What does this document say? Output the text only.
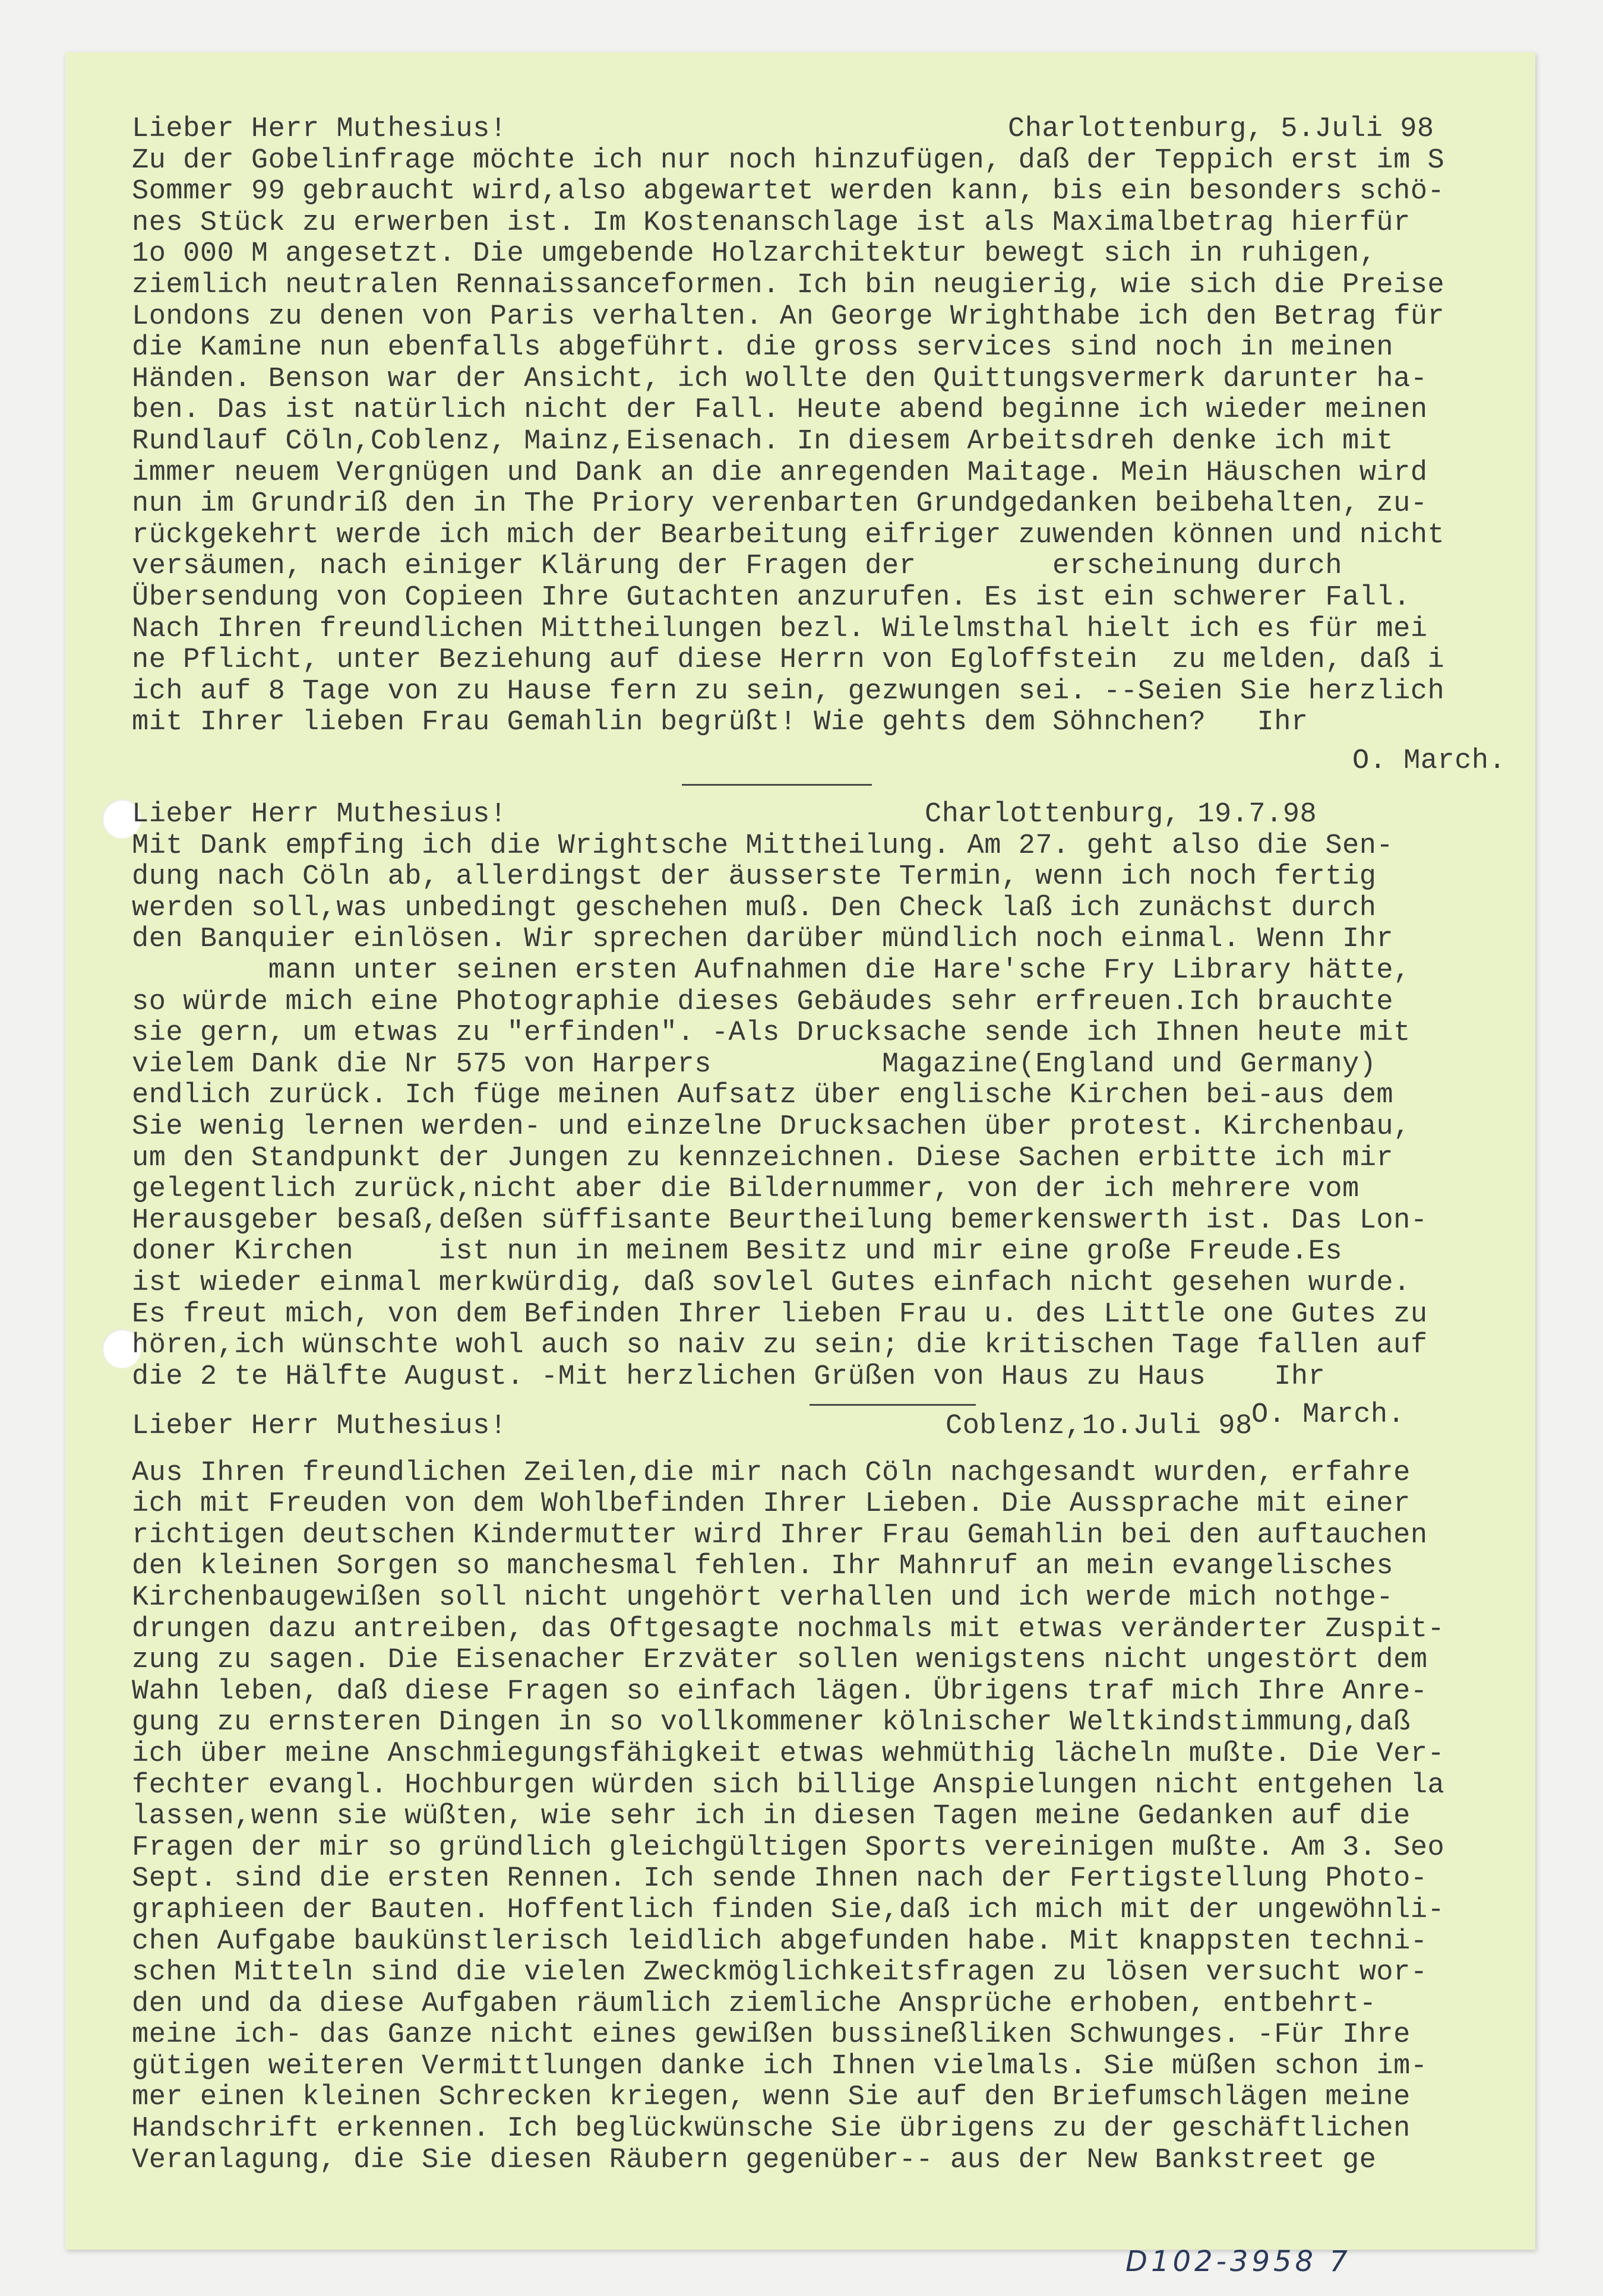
Lieber Herr Muthesius!

	Charlottenburg, 5.Juli 98

Zu der Gobelinfrage möchte ich nur noch hinzufügen, daß der Teppich erst im S
Sommer 99 gebraucht wird,also abgewartet werden kann, bis ein besonders schö-
nes Stück zu erwerben ist. Im Kostenanschlage ist als Maximalbetrag hierfür
1o 000 M angesetzt. Die umgebende Holzarchitektur bewegt sich in ruhigen,
ziemlich neutralen Rennaissanceformen. Ich bin neugierig, wie sich die Preise
Londons zu denen von Paris verhalten. An George Wrighthabe ich den Betrag für
die Kamine nun ebenfalls abgeführt. die gross services sind noch in meinen
Händen. Benson war der Ansicht, ich wollte den Quittungsvermerk darunter ha-
ben. Das ist natürlich nicht der Fall. Heute abend beginne ich wieder meinen
Rundlauf Cöln,Coblenz, Mainz,Eisenach. In diesem Arbeitsdreh denke ich mit
immer neuem Vergnügen und Dank an die anregenden Maitage. Mein Häuschen wird
nun im Grundriß den in The Priory verenbarten Grundgedanken beibehalten, zu-
rückgekehrt werde ich mich der Bearbeitung eifriger zuwenden können und nicht
versäumen, nach einiger Klärung der Fragen der        erscheinung durch
Übersendung von Copieen Ihre Gutachten anzurufen. Es ist ein schwerer Fall.
Nach Ihren freundlichen Mittheilungen bezl. Wilelmsthal hielt ich es für mei
ne Pflicht, unter Beziehung auf diese Herrn von Egloffstein  zu melden, daß i
ich auf 8 Tage von zu Hause fern zu sein, gezwungen sei. --Seien Sie herzlich
mit Ihrer lieben Frau Gemahlin begrüßt! Wie gehts dem Söhnchen?   Ihr
O. March.

Lieber Herr Muthesius!

	Charlottenburg, 19.7.98

Mit Dank empfing ich die Wrightsche Mittheilung. Am 27. geht also die Sen-
dung nach Cöln ab, allerdingst der äusserste Termin, wenn ich noch fertig
werden soll,was unbedingt geschehen muß. Den Check laß ich zunächst durch
den Banquier einlösen. Wir sprechen darüber mündlich noch einmal. Wenn Ihr
mann unter seinen ersten Aufnahmen die Hare'sche Fry Library hätte,
so würde mich eine Photographie dieses Gebäudes sehr erfreuen.Ich brauchte
sie gern, um etwas zu "erfinden". -Als Drucksache sende ich Ihnen heute mit
vielem Dank die Nr 575 von Harpers          Magazine(England und Germany)
endlich zurück. Ich füge meinen Aufsatz über englische Kirchen bei-aus dem
Sie wenig lernen werden- und einzelne Drucksachen über protest. Kirchenbau,
um den Standpunkt der Jungen zu kennzeichnen. Diese Sachen erbitte ich mir
gelegentlich zurück,nicht aber die Bildernummer, von der ich mehrere vom
Herausgeber besaß,deßen süffisante Beurtheilung bemerkenswerth ist. Das Lon-
doner Kirchen     ist nun in meinem Besitz und mir eine große Freude.Es
ist wieder einmal merkwürdig, daß sovlel Gutes einfach nicht gesehen wurde.
Es freut mich, von dem Befinden Ihrer lieben Frau u. des Little one Gutes zu
hören,ich wünschte wohl auch so naiv zu sein; die kritischen Tage fallen auf
die 2 te Hälfte August. -Mit herzlichen Grüßen von Haus zu Haus    Ihr
O. March.

Lieber Herr Muthesius!

	Coblenz,1o.Juli 98

Aus Ihren freundlichen Zeilen,die mir nach Cöln nachgesandt wurden, erfahre
ich mit Freuden von dem Wohlbefinden Ihrer Lieben. Die Aussprache mit einer
richtigen deutschen Kindermutter wird Ihrer Frau Gemahlin bei den auftauchen
den kleinen Sorgen so manchesmal fehlen. Ihr Mahnruf an mein evangelisches
Kirchenbaugewißen soll nicht ungehört verhallen und ich werde mich nothge-
drungen dazu antreiben, das Oftgesagte nochmals mit etwas veränderter Zuspit-
zung zu sagen. Die Eisenacher Erzväter sollen wenigstens nicht ungestört dem
Wahn leben, daß diese Fragen so einfach lägen. Übrigens traf mich Ihre Anre-
gung zu ernsteren Dingen in so vollkommener kölnischer Weltkindstimmung,daß
ich über meine Anschmiegungsfähigkeit etwas wehmüthig lächeln mußte. Die Ver-
fechter evangl. Hochburgen würden sich billige Anspielungen nicht entgehen la
lassen,wenn sie wüßten, wie sehr ich in diesen Tagen meine Gedanken auf die
Fragen der mir so gründlich gleichgültigen Sports vereinigen mußte. Am 3. Seo
Sept. sind die ersten Rennen. Ich sende Ihnen nach der Fertigstellung Photo-
graphieen der Bauten. Hoffentlich finden Sie,daß ich mich mit der ungewöhnli-
chen Aufgabe baukünstlerisch leidlich abgefunden habe. Mit knappsten techni-
schen Mitteln sind die vielen Zweckmöglichkeitsfragen zu lösen versucht wor-
den und da diese Aufgaben räumlich ziemliche Ansprüche erhoben, entbehrt-
meine ich- das Ganze nicht eines gewißen bussineßliken Schwunges. -Für Ihre
gütigen weiteren Vermittlungen danke ich Ihnen vielmals. Sie müßen schon im-
mer einen kleinen Schrecken kriegen, wenn Sie auf den Briefumschlägen meine
Handschrift erkennen. Ich beglückwünsche Sie übrigens zu der geschäftlichen
Veranlagung, die Sie diesen Räubern gegenüber-- aus der New Bankstreet ge
D102-3958 7
